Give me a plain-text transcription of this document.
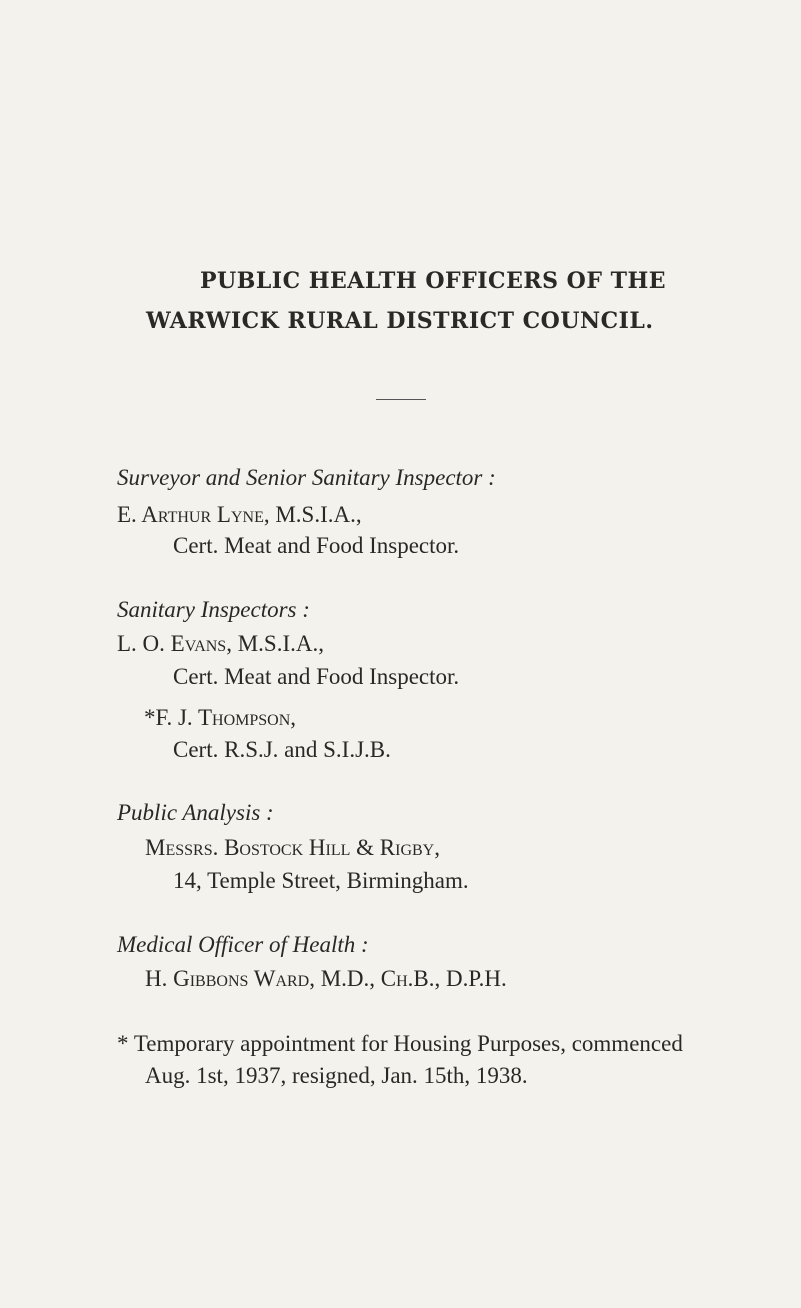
PUBLIC HEALTH OFFICERS OF THE
WARWICK RURAL DISTRICT COUNCIL.
Surveyor and Senior Sanitary Inspector :
E. Arthur Lyne, M.S.I.A.,
Cert. Meat and Food Inspector.
Sanitary Inspectors :
L. O. Evans, M.S.I.A.,
Cert. Meat and Food Inspector.
*F. J. Thompson,
Cert. R.S.J. and S.I.J.B.
Public Analysis :
Messrs. Bostock Hill & Rigby,
14, Temple Street, Birmingham.
Medical Officer of Health :
H. Gibbons Ward, M.D., Ch.B., D.P.H.
* Temporary appointment for Housing Purposes, commenced
Aug. 1st, 1937, resigned, Jan. 15th, 1938.
